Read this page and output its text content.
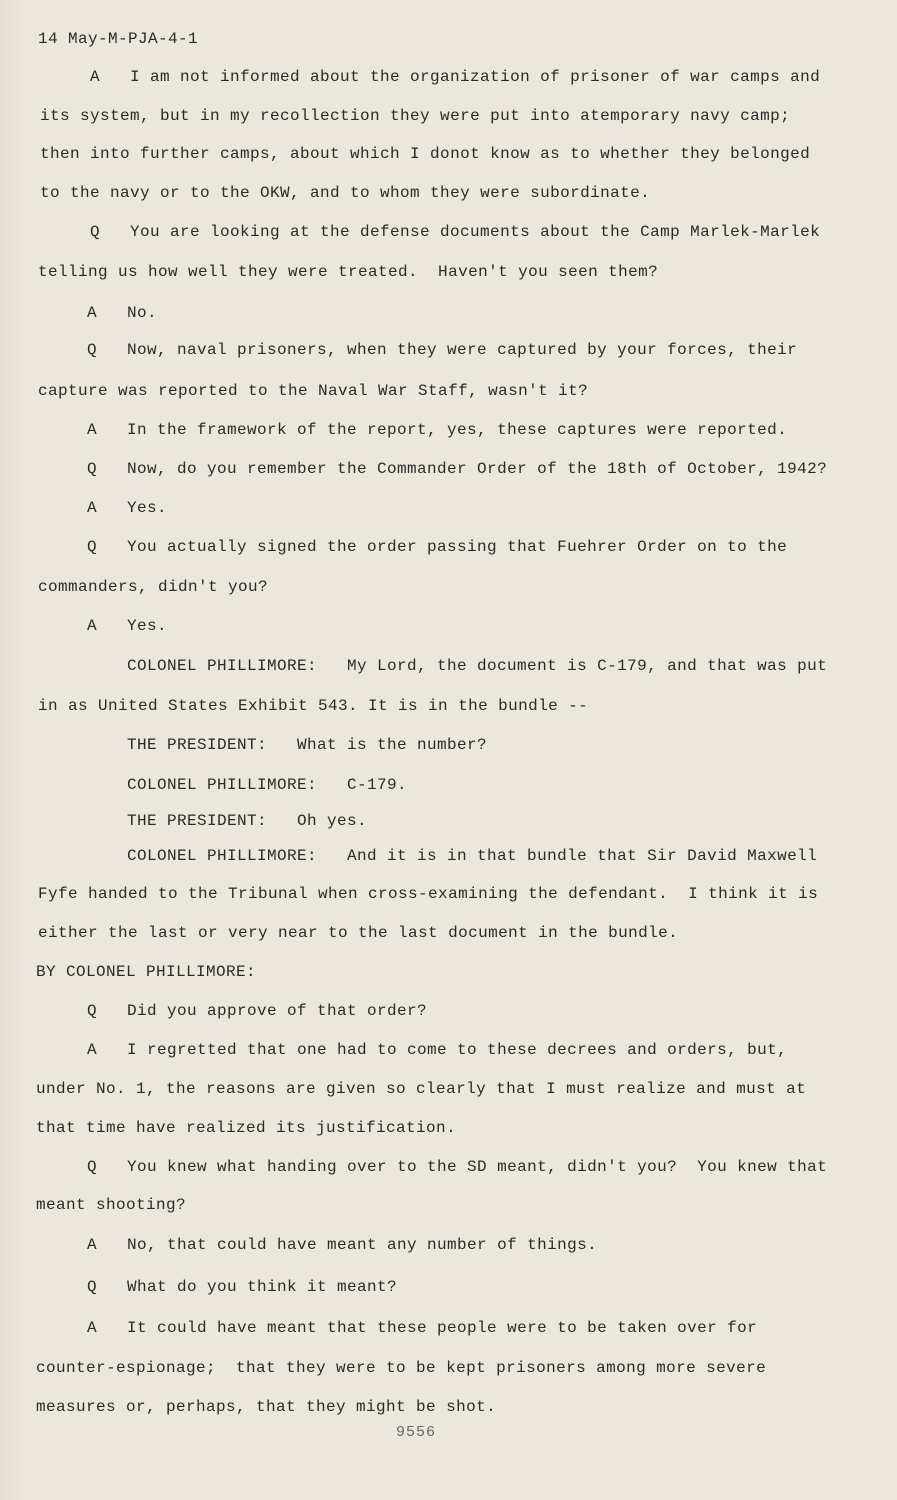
14 May-M-PJA-4-1
A   I am not informed about the organization of prisoner of war camps and
its system, but in my recollection they were put into atemporary navy camp;
then into further camps, about which I donot know as to whether they belonged
to the navy or to the OKW, and to whom they were subordinate.
Q   You are looking at the defense documents about the Camp Marlek-Marlek
telling us how well they were treated.  Haven't you seen them?
A   No.
Q   Now, naval prisoners, when they were captured by your forces, their
capture was reported to the Naval War Staff, wasn't it?
A   In the framework of the report, yes, these captures were reported.
Q   Now, do you remember the Commander Order of the 18th of October, 1942?
A   Yes.
Q   You actually signed the order passing that Fuehrer Order on to the
commanders, didn't you?
A   Yes.
COLONEL PHILLIMORE:   My Lord, the document is C-179, and that was put
in as United States Exhibit 543. It is in the bundle --
THE PRESIDENT:   What is the number?
COLONEL PHILLIMORE:   C-179.
THE PRESIDENT:   Oh yes.
COLONEL PHILLIMORE:   And it is in that bundle that Sir David Maxwell
Fyfe handed to the Tribunal when cross-examining the defendant.  I think it is
either the last or very near to the last document in the bundle.
BY COLONEL PHILLIMORE:
Q   Did you approve of that order?
A   I regretted that one had to come to these decrees and orders, but,
under No. 1, the reasons are given so clearly that I must realize and must at
that time have realized its justification.
Q   You knew what handing over to the SD meant, didn't you?  You knew that
meant shooting?
A   No, that could have meant any number of things.
Q   What do you think it meant?
A   It could have meant that these people were to be taken over for
counter-espionage;  that they were to be kept prisoners among more severe
measures or, perhaps, that they might be shot.
9556
